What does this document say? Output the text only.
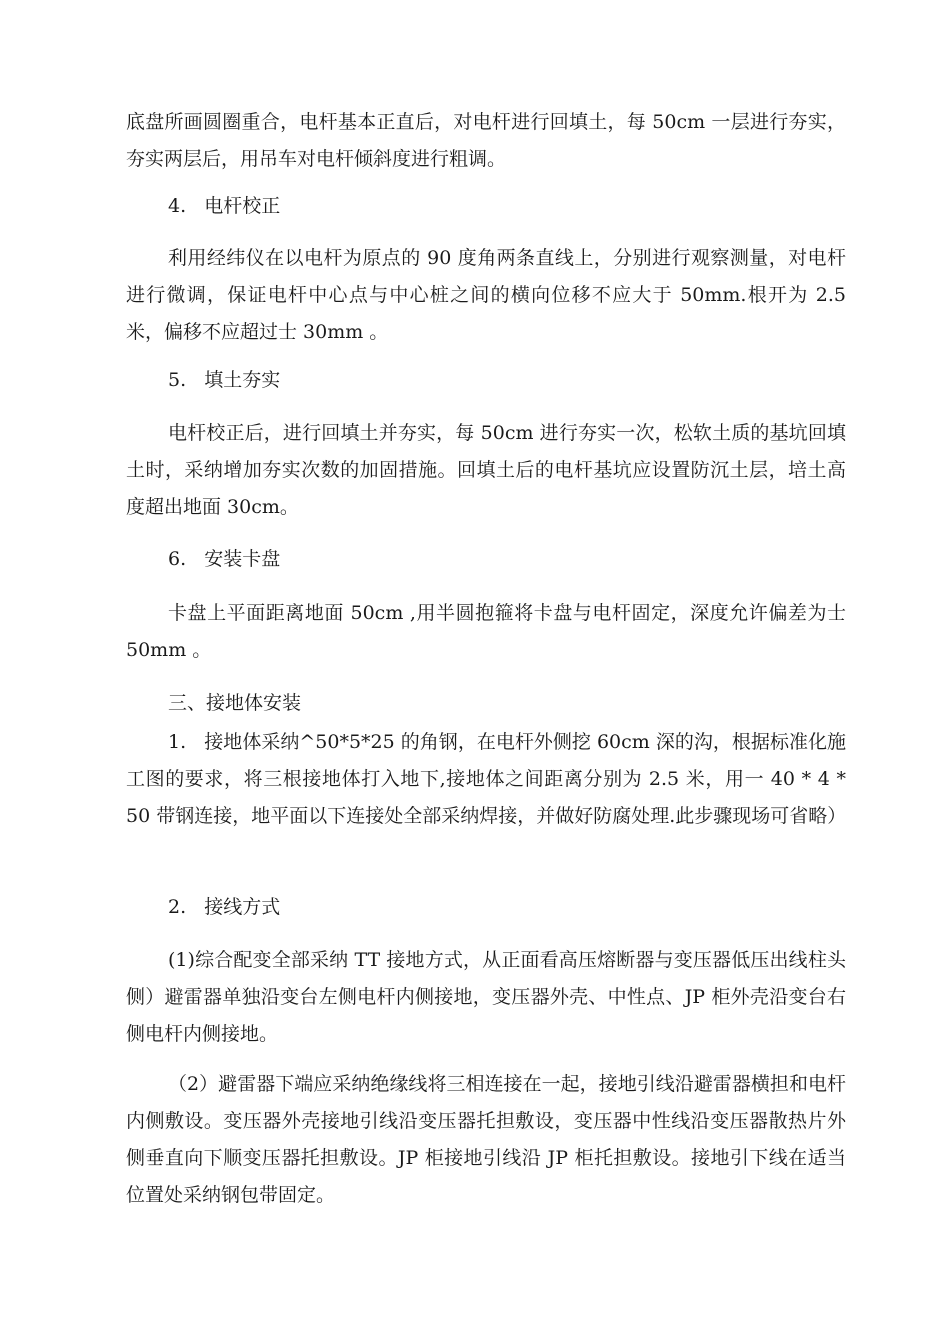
底盘所画圆圈重合，电杆基本正直后，对电杆进行回填土，每 50cm 一层进行夯实，夯实两层后，用吊车对电杆倾斜度进行粗调。

4.   电杆校正

利用经纬仪在以电杆为原点的 90 度角两条直线上，分别进行观察测量，对电杆进行微调，保证电杆中心点与中心桩之间的横向位移不应大于 50mm.根开为 2.5 米，偏移不应超过士 30mm 。

5.   填土夯实

电杆校正后，进行回填土并夯实，每 50cm 进行夯实一次，松软土质的基坑回填土时，采纳增加夯实次数的加固措施。回填土后的电杆基坑应设置防沉土层，培土高度超出地面 30cm。

6.   安装卡盘

卡盘上平面距离地面 50cm ,用半圆抱箍将卡盘与电杆固定，深度允许偏差为士 50mm 。

三、接地体安装

1.   接地体采纳^50*5*25 的角钢，在电杆外侧挖 60cm 深的沟，根据标准化施工图的要求，将三根接地体打入地下,接地体之间距离分别为 2.5 米，用一 40 * 4 * 50 带钢连接，地平面以下连接处全部采纳焊接，并做好防腐处理.此步骤现场可省略）

2.   接线方式

(1)综合配变全部采纳 TT 接地方式，从正面看高压熔断器与变压器低压出线柱头侧）避雷器单独沿变台左侧电杆内侧接地，变压器外壳、中性点、JP 柜外壳沿变台右侧电杆内侧接地。

（2）避雷器下端应采纳绝缘线将三相连接在一起，接地引线沿避雷器横担和电杆内侧敷设。变压器外壳接地引线沿变压器托担敷设，变压器中性线沿变压器散热片外侧垂直向下顺变压器托担敷设。JP 柜接地引线沿 JP 柜托担敷设。接地引下线在适当位置处采纳钢包带固定。
